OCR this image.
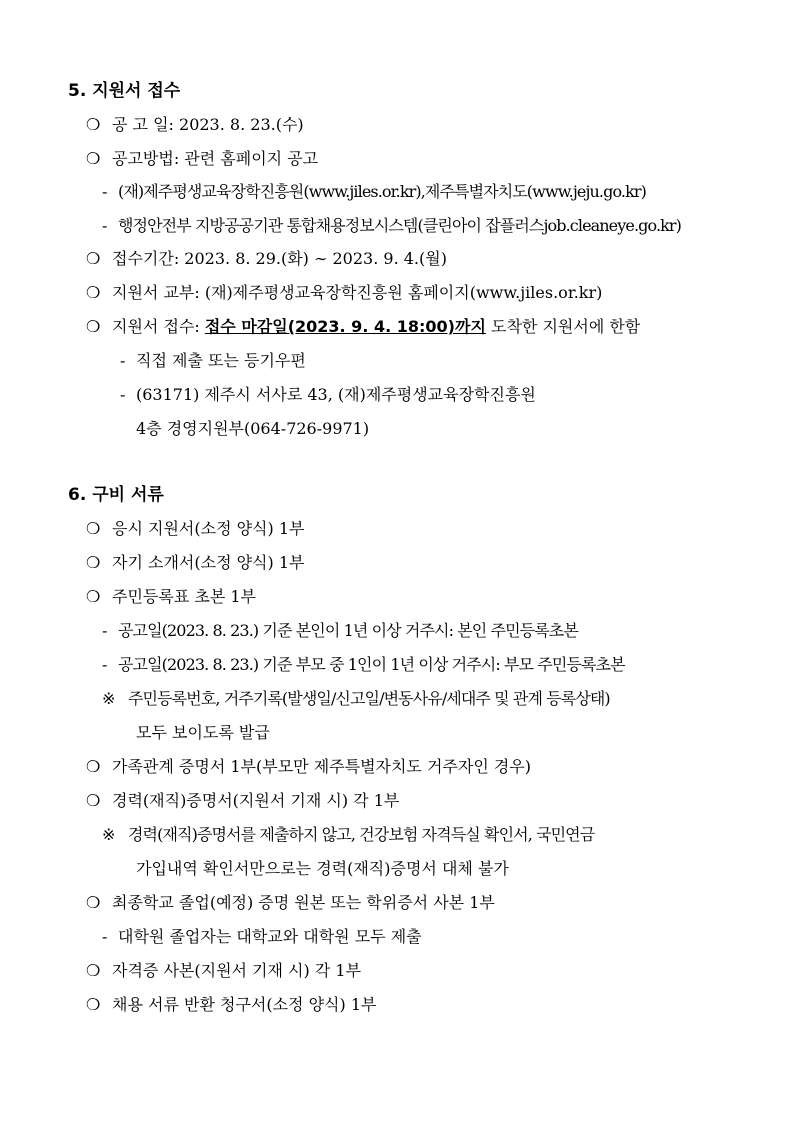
5. 지원서 접수
❍ 공 고 일: 2023. 8. 23.(수)
❍ 공고방법: 관련 홈페이지 공고
- (재)제주평생교육장학진흥원(www.jiles.or.kr),제주특별자치도(www.jeju.go.kr)
- 행정안전부 지방공공기관 통합채용정보시스템(클린아이 잡플러스job.cleaneye.go.kr)
❍ 접수기간: 2023. 8. 29.(화) ∼ 2023. 9. 4.(월)
❍ 지원서 교부: (재)제주평생교육장학진흥원 홈페이지(www.jiles.or.kr)
❍ 지원서 접수: 접수 마감일(2023. 9. 4. 18:00)까지 도착한 지원서에 한함
- 직접 제출 또는 등기우편
- (63171) 제주시 서사로 43, (재)제주평생교육장학진흥원
4층 경영지원부(064-726-9971)
6. 구비 서류
❍ 응시 지원서(소정 양식) 1부
❍ 자기 소개서(소정 양식) 1부
❍ 주민등록표 초본 1부
- 공고일(2023. 8. 23.) 기준 본인이 1년 이상 거주시: 본인 주민등록초본
- 공고일(2023. 8. 23.) 기준 부모 중 1인이 1년 이상 거주시: 부모 주민등록초본
※ 주민등록번호, 거주기록(발생일/신고일/변동사유/세대주 및 관계 등록상태)
모두 보이도록 발급
❍ 가족관계 증명서 1부(부모만 제주특별자치도 거주자인 경우)
❍ 경력(재직)증명서(지원서 기재 시) 각 1부
※ 경력(재직)증명서를 제출하지 않고, 건강보험 자격득실 확인서, 국민연금
가입내역 확인서만으로는 경력(재직)증명서 대체 불가
❍ 최종학교 졸업(예정) 증명 원본 또는 학위증서 사본 1부
- 대학원 졸업자는 대학교와 대학원 모두 제출
❍ 자격증 사본(지원서 기재 시) 각 1부
❍ 채용 서류 반환 청구서(소정 양식) 1부
